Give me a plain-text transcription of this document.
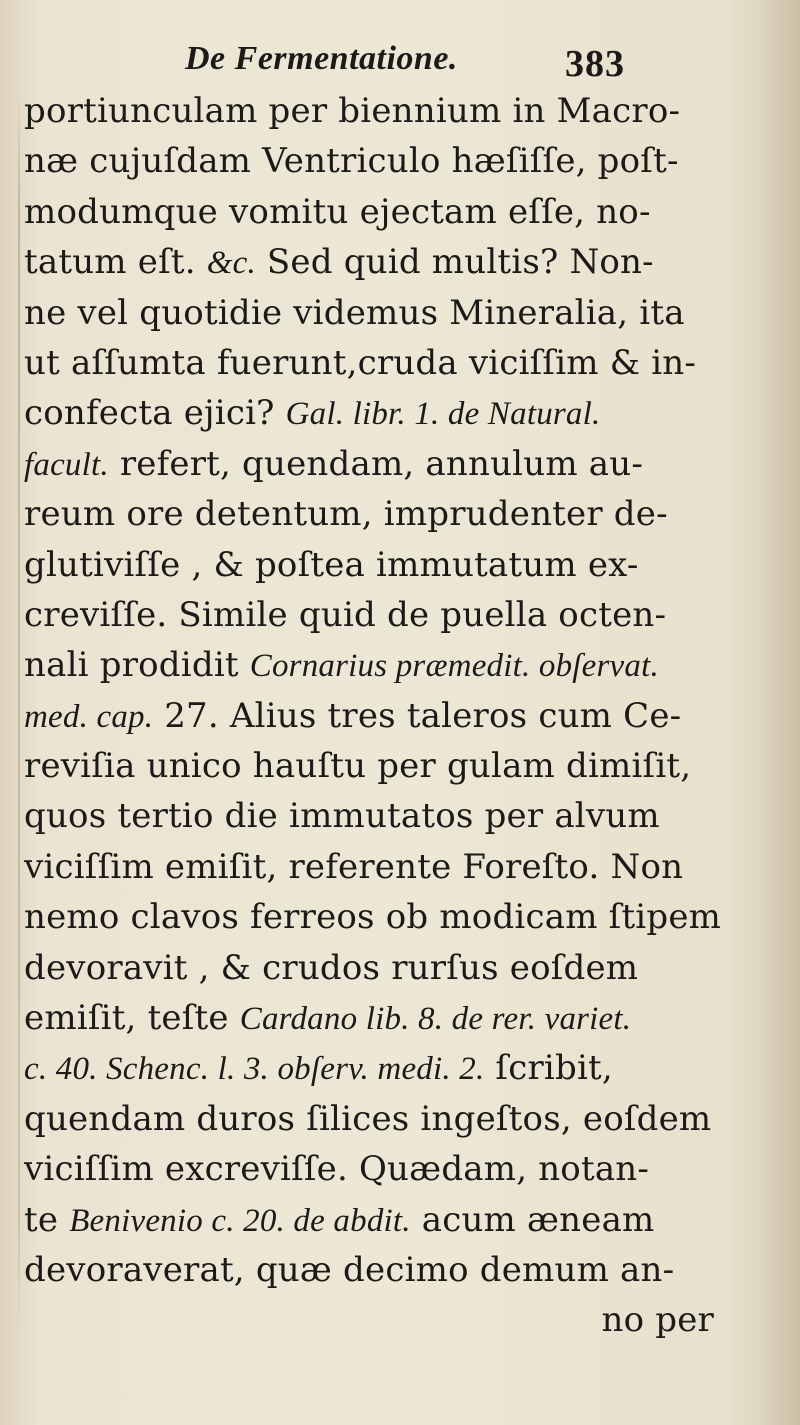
De Fermentatione.	383
portiunculam per biennium in Macro-
næ cujuſdam Ventriculo hæſiſſe, poſt-
modumque vomitu ejectam eſſe, no-
tatum eſt. &c. Sed quid multis? Non-
ne vel quotidie videmus Mineralia, ita
ut aſſumta fuerunt,cruda viciſſim & in-
confecta ejici? Gal. libr. 1. de Natural.
facult. refert, quendam, annulum au-
reum ore detentum, imprudenter de-
glutiviſſe , & poſtea immutatum ex-
creviſſe. Simile quid de puella octen-
nali prodidit Cornarius præmedit. obſervat.
med. cap. 27. Alius tres taleros cum Ce-
reviſia unico hauſtu per gulam dimiſit,
quos tertio die immutatos per alvum
viciſſim emiſit, referente Foreſto. Non
nemo clavos ferreos ob modicam ſtipem
devoravit , & crudos rurſus eoſdem
emiſit, teſte Cardano lib. 8. de rer. variet.
c. 40. Schenc. l. 3. obſerv. medi. 2. ſcribit,
quendam duros ſilices ingeſtos, eoſdem
viciſſim excreviſſe. Quædam, notan-
te Benivenio c. 20. de abdit. acum æneam
devoraverat, quæ decimo demum an-
no per
